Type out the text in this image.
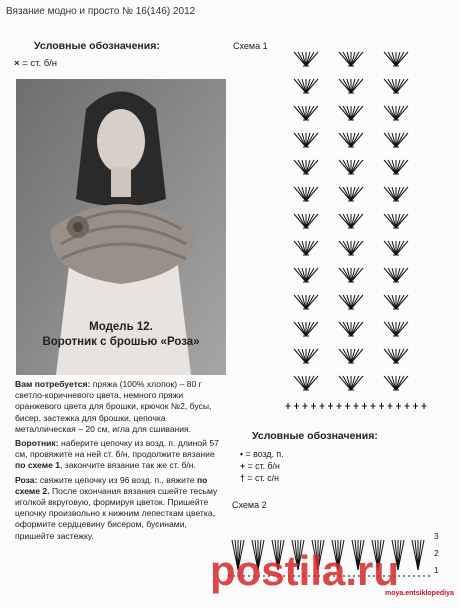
Вязание модно и просто № 16(146) 2012
Условные обозначения:
× = ст. б/н
Модель 12.
Воротник с брошью «Роза»

Вам потребуется: пряжа (100% хлопок) – 80 г светло-коричневого цвета, немного пряжи оранжевого цвета для брошки, крючок №2, бусы, бисер, застежка для брошки, цепочка металлическая – 20 см, игла для сшивания.

Воротник: наберите цепочку из возд. п. длиной 57 см, провяжите на ней ст. б/н, продолжите вязание по схеме 1, закончите вязание так же ст. б/н.

Роза: свяжите цепочку из 96 возд. п., вяжите по схеме 2. После окончания вязания сшейте тесьму иголкой вкруговую, формируя цветок. Пришейте цепочку произвольно к нижним лепесткам цветка, оформите сердцевину бисером, бусинами, пришейте застежку.

Схема 1
Условные обозначения:
• = возд. п.
+ = ст. б/н
† = ст. с/н
Схема 2
3
2
1
postila.ru
moya.entsiklopediya
